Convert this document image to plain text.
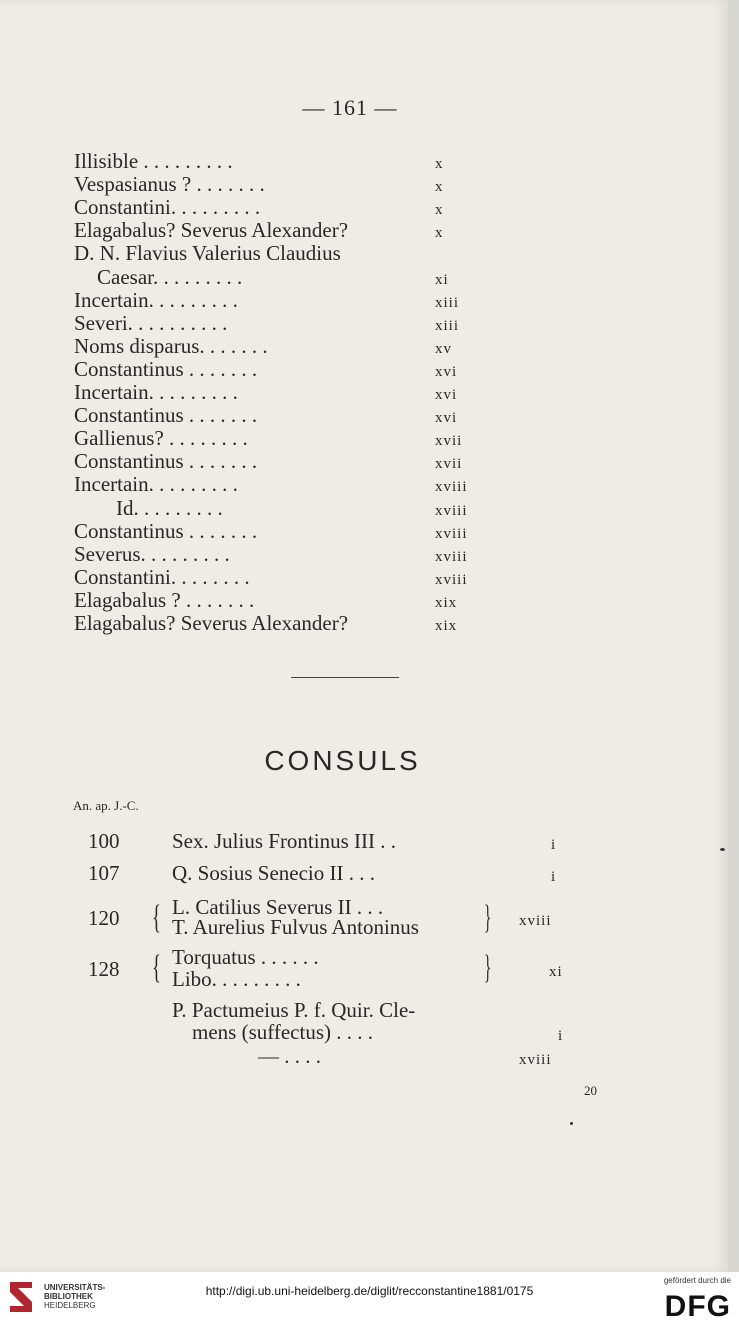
— 161 —
Illisible . . . . . . . . .	x
Vespasianus ? . . . . . . .	x
Constantini. . . . . . . . .	x
Elagabalus? Severus Alexander?	x
D. N. Flavius Valerius Claudius
Caesar. . . . . . . . .	xi
Incertain. . . . . . . . .	xiii
Severi. . . . . . . . . .	xiii
Noms disparus. . . . . . .	xv
Constantinus . . . . . . .	xvi
Incertain. . . . . . . . .	xvi
Constantinus . . . . . . .	xvi
Gallienus? . . . . . . . .	xvii
Constantinus . . . . . . .	xvii
Incertain. . . . . . . . .	xviii
Id. . . . . . . . .	xviii
Constantinus . . . . . . .	xviii
Severus. . . . . . . . .	xviii
Constantini. . . . . . . .	xviii
Elagabalus ? . . . . . . .	xix
Elagabalus? Severus Alexander?	xix
CONSULS
An. ap. J.-C.
100	Sex. Julius Frontinus III . .	i
107	Q. Sosius Senecio II . . .	i
120 { L. Catilius Severus II . . .
T. Aurelius Fulvus Antoninus } xviii
128 { Torquatus . . . . . .
Libo. . . . . . . . .	}	xi
P. Pactumeius P. f. Quir. Cle-
mens (suffectus) . . . .	i
— . . . .	xviii
20
UNIVERSITÄTS-
BIBLIOTHEK
HEIDELBERG
http://digi.ub.uni-heidelberg.de/diglit/recconstantine1881/0175
gefördert durch die
DFG
